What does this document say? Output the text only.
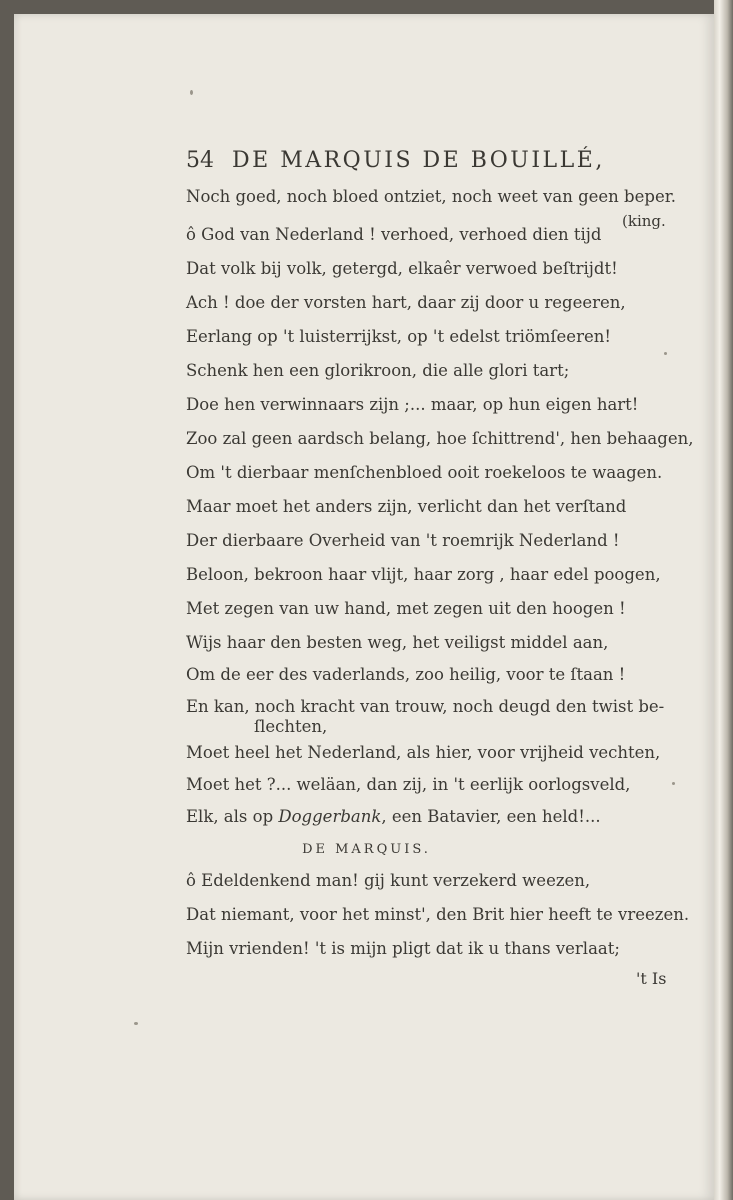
54 DE MARQUIS DE BOUILLÉ,
Noch goed, noch bloed ontziet, noch weet van geen beper.
(king.
ô God van Nederland ! verhoed, verhoed dien tijd
Dat volk bij volk, getergd, elkaêr verwoed beſtrijdt!
Ach ! doe der vorsten hart, daar zij door u regeeren,
Eerlang op 't luisterrijkst, op 't edelst triömſeeren!
Schenk hen een glorikroon, die alle glori tart;
Doe hen verwinnaars zijn ;... maar, op hun eigen hart!
Zoo zal geen aardsch belang, hoe ſchittrend', hen behaagen,
Om 't dierbaar menſchenbloed ooit roekeloos te waagen.
Maar moet het anders zijn, verlicht dan het verſtand
Der dierbaare Overheid van 't roemrijk Nederland !
Beloon, bekroon haar vlijt, haar zorg , haar edel poogen,
Met zegen van uw hand, met zegen uit den hoogen !
Wijs haar den besten weg, het veiligst middel aan,
Om de eer des vaderlands, zoo heilig, voor te ſtaan !
En kan, noch kracht van trouw, noch deugd den twist be-
ſlechten,
Moet heel het Nederland, als hier, voor vrijheid vechten,
Moet het ?... weläan, dan zij, in 't eerlijk oorlogsveld,
Elk, als op Doggerbank, een Batavier, een held!...
DE MARQUIS.
ô Edeldenkend man! gij kunt verzekerd weezen,
Dat niemant, voor het minst', den Brit hier heeft te vreezen.
Mijn vrienden! 't is mijn pligt dat ik u thans verlaat;
't Is
